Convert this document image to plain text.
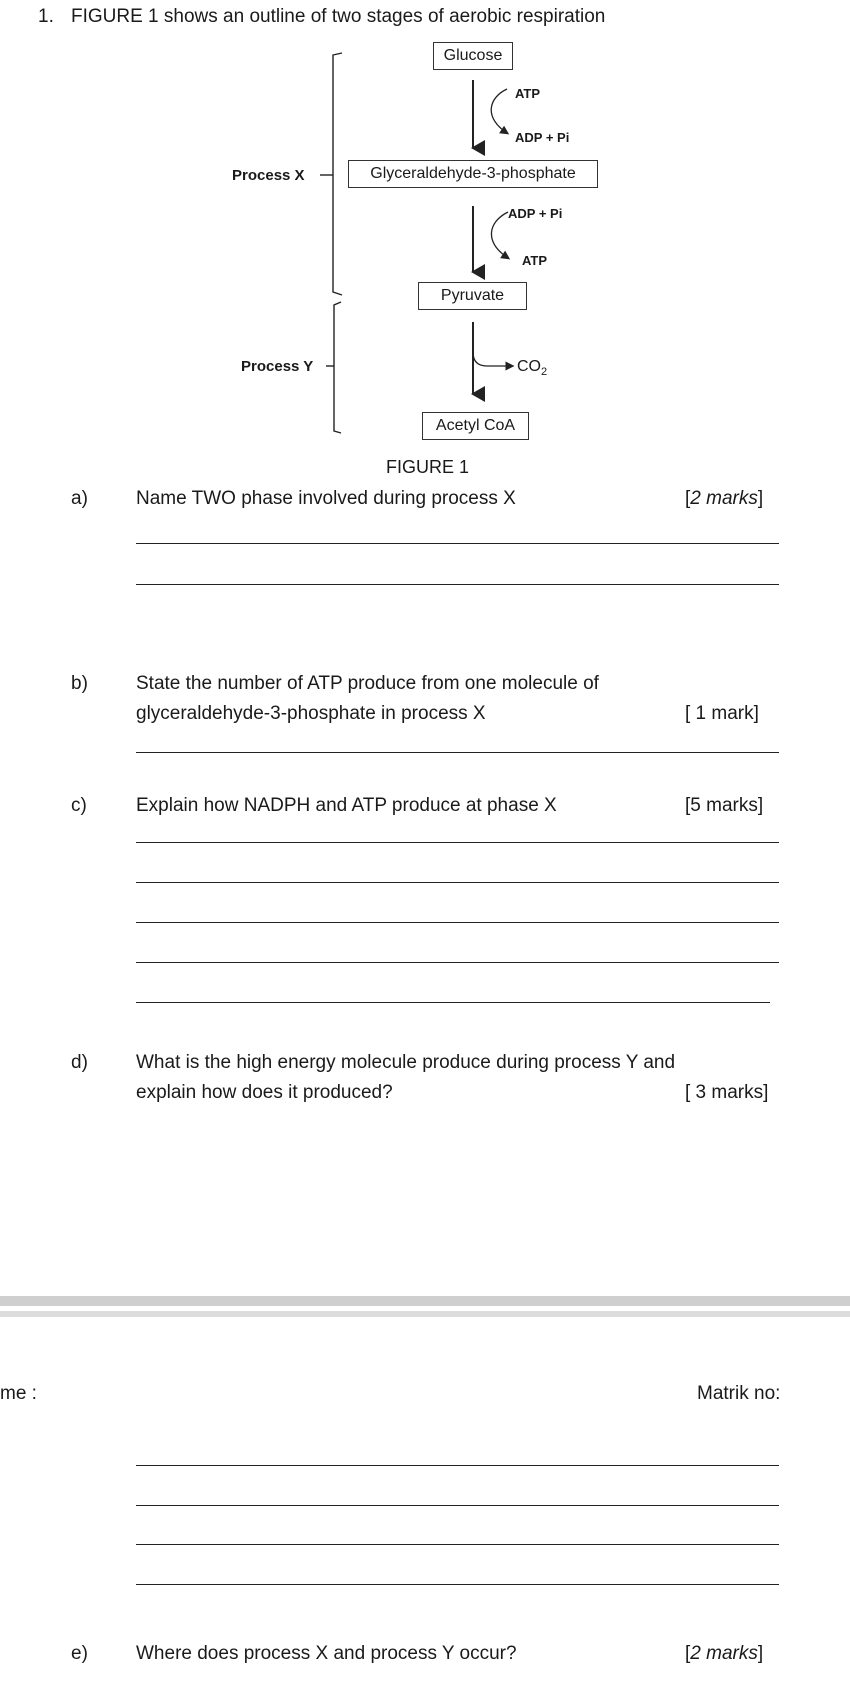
1. FIGURE 1 shows an outline of two stages of aerobic respiration
Glucose
Glyceraldehyde-3-phosphate
Pyruvate
Acetyl CoA
ATP
ADP + Pi
ADP + Pi
ATP
$CO_2$
Process X
Process Y
FIGURE 1
a)	Name TWO phase involved during process X	[2 marks]
b)	State the number of ATP produce from one molecule of
glyceraldehyde-3-phosphate in process X	[ 1 mark]
c)	Explain how NADPH and ATP produce at phase X	[5 marks]
d)	What is the high energy molecule produce during process Y and
explain how does it produced?	[ 3 marks]
me :	Matrik no:
e)	Where does process X and process Y occur?	[2 marks]
